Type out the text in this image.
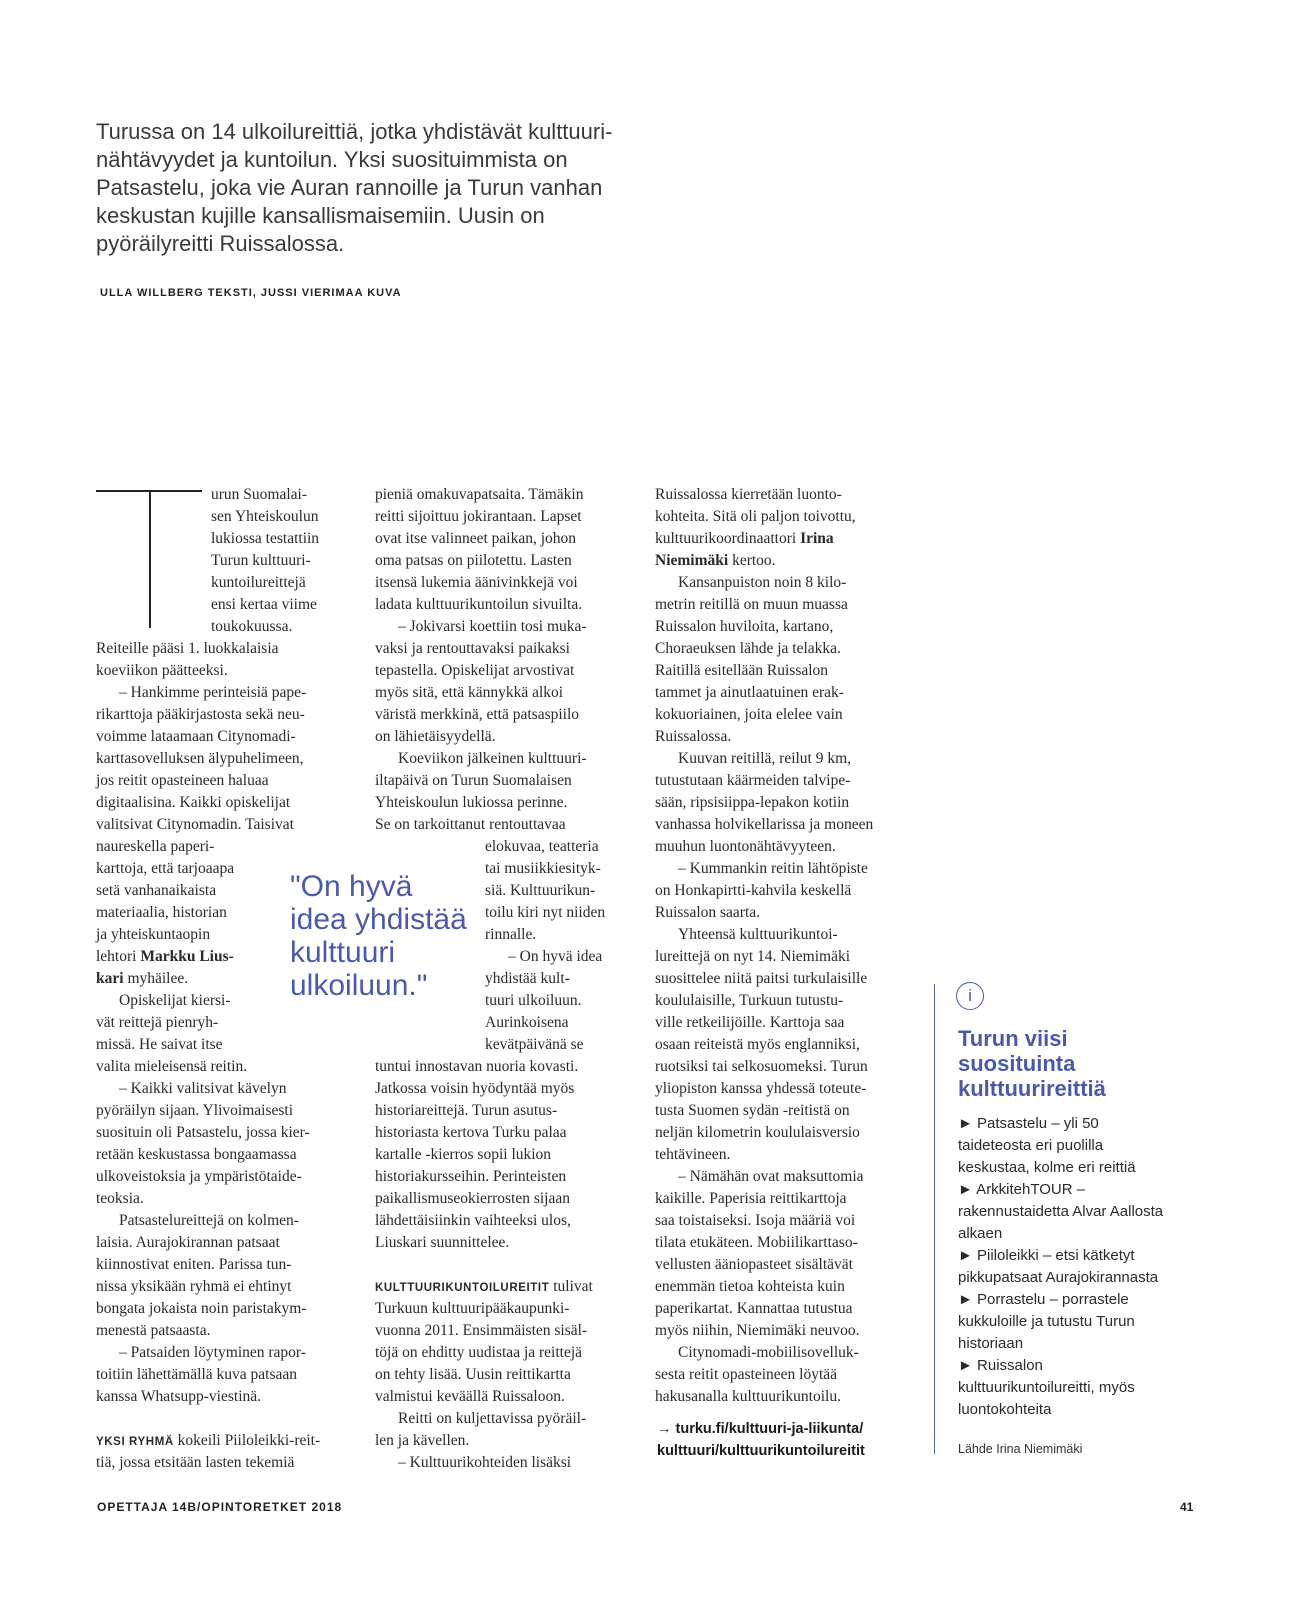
Turussa on 14 ulkoilureittiä, jotka yhdistävät kulttuuri-
nähtävyydet ja kuntoilun. Yksi suosituimmista on
Patsastelu, joka vie Auran rannoille ja Turun vanhan
keskustan kujille kansallismaisemiin. Uusin on
pyöräilyreitti Ruissalossa.
ULLA WILLBERG TEKSTI, JUSSI VIERIMAA KUVA
urun Suomalai-
sen Yhteiskoulun
lukiossa testattiin
Turun kulttuuri-
kuntoilureittejä
ensi kertaa viime
toukokuussa.
Reiteille pääsi 1. luokkalaisia
koeviikon päätteeksi.
– Hankimme perinteisiä pape-
rikarttoja pääkirjastosta sekä neu-
voimme lataamaan Citynomadi-
karttasovelluksen älypuhelimeen,
jos reitit opasteineen haluaa
digitaalisina. Kaikki opiskelijat
valitsivat Citynomadin. Taisivat
naureskella paperi-
karttoja, että tarjoaapa
setä vanhanaikaista
materiaalia, historian
ja yhteiskuntaopin
lehtori Markku Lius-
kari myhäilee.
Opiskelijat kiersi-
vät reittejä pienryh-
missä. He saivat itse
valita mieleisensä reitin.
– Kaikki valitsivat kävelyn
pyöräilyn sijaan. Ylivoimaisesti
suosituin oli Patsastelu, jossa kier-
retään keskustassa bongaamassa
ulkoveistoksia ja ympäristötaide-
teoksia.
Patsastelureittejä on kolmen-
laisia. Aurajokirannan patsaat
kiinnostivat eniten. Parissa tun-
nissa yksikään ryhmä ei ehtinyt
bongata jokaista noin paristakym-
menestä patsaasta.
– Patsaiden löytyminen rapor-
toitiin lähettämällä kuva patsaan
kanssa Whatsupp-viestinä.
YKSI RYHMÄ kokeili Piiloleikki-reit-
tiä, jossa etsitään lasten tekemiä
pieniä omakuvapatsaita. Tämäkin
reitti sijoittuu jokirantaan. Lapset
ovat itse valinneet paikan, johon
oma patsas on piilotettu. Lasten
itsensä lukemia äänivinkkejä voi
ladata kulttuurikuntoilun sivuilta.
– Jokivarsi koettiin tosi muka-
vaksi ja rentouttavaksi paikaksi
tepastella. Opiskelijat arvostivat
myös sitä, että kännykkä alkoi
väristä merkkinä, että patsaspiilo
on lähietäisyydellä.
Koeviikon jälkeinen kulttuuri-
iltapäivä on Turun Suomalaisen
Yhteiskoulun lukiossa perinne.
Se on tarkoittanut rentouttavaa
elokuvaa, teatteria
tai musiikkiesityk-
siä. Kulttuurikun-
toilu kiri nyt niiden
rinnalle.
– On hyvä idea
yhdistää kult-
tuuri ulkoiluun.
Aurinkoisena
kevätpäivänä se
tuntui innostavan nuoria kovasti.
Jatkossa voisin hyödyntää myös
historiareittejä. Turun asutus-
historiasta kertova Turku palaa
kartalle -kierros sopii lukion
historiakursseihin. Perinteisten
paikallismuseokierrosten sijaan
lähdettäisiinkin vaihteeksi ulos,
Liuskari suunnittelee.
KULTTUURIKUNTOILUREITIT tulivat
Turkuun kulttuuripääkaupunki-
vuonna 2011. Ensimmäisten sisäl-
töjä on ehditty uudistaa ja reittejä
on tehty lisää. Uusin reittikartta
valmistui keväällä Ruissaloon.
Reitti on kuljettavissa pyöräil-
len ja kävellen.
– Kulttuurikohteiden lisäksi
"On hyvä
idea yhdistää
kulttuuri
ulkoiluun."
Ruissalossa kierretään luonto-
kohteita. Sitä oli paljon toivottu,
kulttuurikoordinaattori Irina
Niemimäki kertoo.
Kansanpuiston noin 8 kilo-
metrin reitillä on muun muassa
Ruissalon huviloita, kartano,
Choraeuksen lähde ja telakka.
Raitillä esitellään Ruissalon
tammet ja ainutlaatuinen erak-
kokuoriainen, joita elelee vain
Ruissalossa.
Kuuvan reitillä, reilut 9 km,
tutustutaan käärmeiden talvipe-
sään, ripsisiippa-lepakon kotiin
vanhassa holvikellarissa ja moneen
muuhun luontonähtävyyteen.
– Kummankin reitin lähtöpiste
on Honkapirtti-kahvila keskellä
Ruissalon saarta.
Yhteensä kulttuurikuntoi-
lureittejä on nyt 14. Niemimäki
suosittelee niitä paitsi turkulaisille
koululaisille, Turkuun tutustu-
ville retkeilijöille. Karttoja saa
osaan reiteistä myös englanniksi,
ruotsiksi tai selkosuomeksi. Turun
yliopiston kanssa yhdessä toteute-
tusta Suomen sydän -reitistä on
neljän kilometrin koululaisversio
tehtävineen.
– Nämähän ovat maksuttomia
kaikille. Paperisia reittikarttoja
saa toistaiseksi. Isoja määriä voi
tilata etukäteen. Mobiilikarttaso-
vellusten ääniopasteet sisältävät
enemmän tietoa kohteista kuin
paperikartat. Kannattaa tutustua
myös niihin, Niemimäki neuvoo.
Citynomadi-mobiilisovelluk-
sesta reitit opasteineen löytää
hakusanalla kulttuurikuntoilu.
→ turku.fi/kulttuuri-ja-liikunta/
kulttuuri/kulttuurikuntoilureitit
i
Turun viisi
suosituinta
kulttuurireittiä
► Patsastelu – yli 50
taideteosta eri puolilla
keskustaa, kolme eri reittiä
► ArkkitehTOUR –
rakennustaidetta Alvar Aallosta
alkaen
► Piiloleikki – etsi kätketyt
pikkupatsaat Aurajokirannasta
► Porrastelu – porrastele
kukkuloille ja tutustu Turun
historiaan
► Ruissalon
kulttuurikuntoilureitti, myös
luontokohteita
Lähde Irina Niemimäki
OPETTAJA 14B/OPINTORETKET 2018	41
